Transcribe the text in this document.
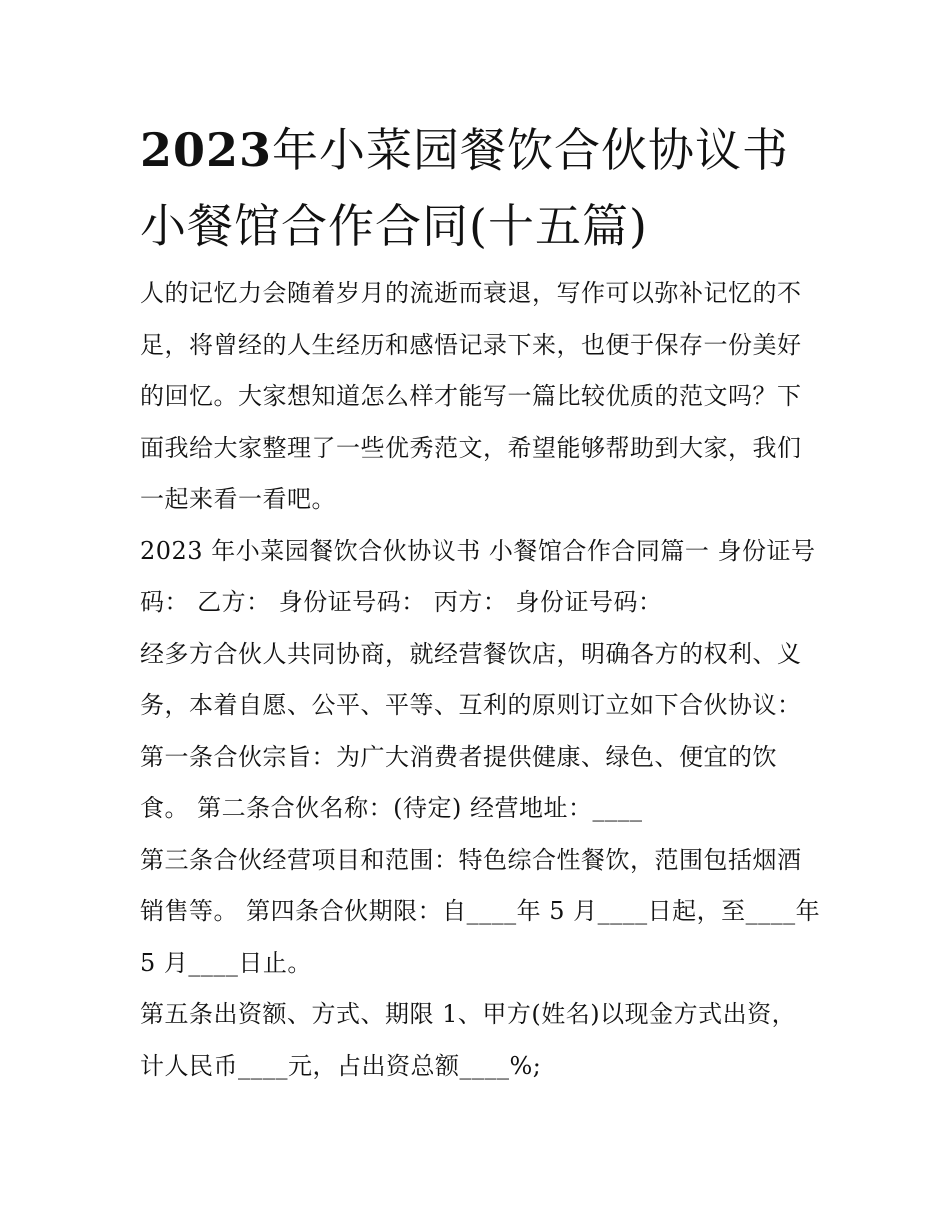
2023年小菜园餐饮合伙协议书
小餐馆合作合同(十五篇)
人的记忆力会随着岁月的流逝而衰退，写作可以弥补记忆的不
足，将曾经的人生经历和感悟记录下来，也便于保存一份美好
的回忆。大家想知道怎么样才能写一篇比较优质的范文吗？下
面我给大家整理了一些优秀范文，希望能够帮助到大家，我们
一起来看一看吧。
2023 年小菜园餐饮合伙协议书 小餐馆合作合同篇一 身份证号
码： 乙方： 身份证号码： 丙方： 身份证号码：
经多方合伙人共同协商，就经营餐饮店，明确各方的权利、义
务，本着自愿、公平、平等、互利的原则订立如下合伙协议：
第一条合伙宗旨：为广大消费者提供健康、绿色、便宜的饮
食。 第二条合伙名称：(待定) 经营地址：____
第三条合伙经营项目和范围：特色综合性餐饮，范围包括烟酒
销售等。 第四条合伙期限：自____年 5 月____日起，至____年
5 月____日止。
第五条出资额、方式、期限 1、甲方(姓名)以现金方式出资，
计人民币____元，占出资总额____%;
